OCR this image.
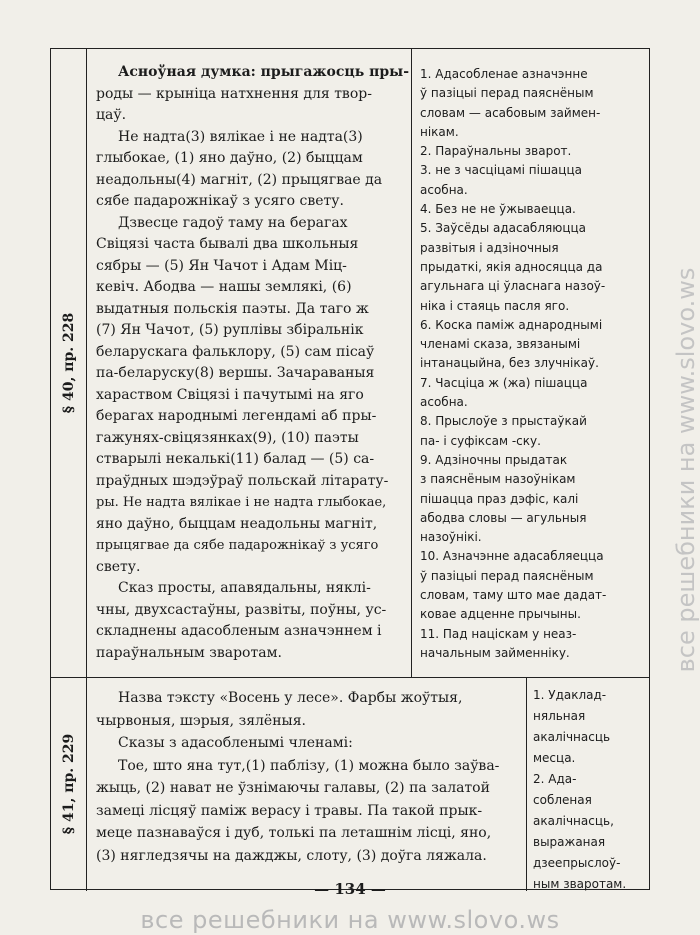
§ 40, пр. 228
Асноўная думка: прыгажосць пры-
роды — крыніца натхнення для твор-
цаў.
Не надта(3) вялікае і не надта(3)
глыбокае, (1) яно даўно, (2) быццам
неадольны(4) магніт, (2) прыцягвае да
сябе падарожнікаў з усяго свету.
Дзвесце гадоў таму на берагах
Свіцязі часта бывалі два школьныя
сябры — (5) Ян Чачот і Адам Міц-
кевіч. Абодва — нашы землякі, (6)
выдатныя польскія паэты. Да таго ж
(7) Ян Чачот, (5) руплівы збіральнік
беларускага фальклору, (5) сам пісаў
па-беларуску(8) вершы. Зачараваныя
хараством Свіцязі і пачутымі на яго
берагах народнымі легендамі аб пры-
гажунях-свіцязянках(9), (10) паэты
ствaрылі некалькі(11) балад — (5) са-
праўдных шэдэўраў польскай літарату-
ры. Не надта вялікае і не надта глыбокае,
яно даўно, быццам неадольны магніт,
прыцягвае да сябе падарожнікаў з усяго
свету.
Сказ просты, апавядальны, няклі-
чны, двухсастаўны, развіты, поўны, ус-
складнены адасобленым азначэннем і
параўнальным зваротам.
1. Адасобленае азначэнне
ў пазіцыі перад паяснёным
словам — асабовым займен-
нікам.
2. Параўнальны зварот.
3. не з часціцамі пішацца
асобна.
4. Без не не ўжываецца.
5. Заўсёды адасабляюцца
развітыя і адзіночныя
прыдаткі, якія адносяцца да
агульнага ці ўласнага назоў-
ніка і стаяць пасля яго.
6. Коска паміж аднароднымі
членамі сказа, звязанымі
інтанацыйна, без злучнікаў.
7. Часціца ж (жа) пішацца
асобна.
8. Прыслоўе з прыстаўкай
па- і суфіксам -ску.
9. Адзіночны прыдатак
з паяснёным назоўнікам
пішацца праз дэфіс, калі
абодва словы — агульныя
назоўнікі.
10. Азначэнне адасабляецца
ў пазіцыі перад паяснёным
словам, таму што мае дадат-
ковае адценне прычыны.
11. Пад націскам у неаз-
начальным займенніку.
§ 41, пр. 229
Назва тэксту «Восень у лесе». Фарбы жоўтыя,
чырвоныя, шэрыя, зялёныя.
Сказы з адасобленымі членамі:
Тое, што яна тут,(1) паблізу, (1) можна было заўва-
жыць, (2) нават не ўзнімаючы галавы, (2) па залатой
замеці лісцяў паміж верасу і травы. Па такой прык-
мецe пазнаваўся і дуб, толькі па леташнім лісці, яно,
(3) нягледзячы на дажджы, слоту, (3) доўга ляжала.
1. Удаклад-
няльная
акалічнасць
месца.
2. Ада-
собленая
акалічнасць,
выражаная
дзеепрыслоў-
ным зваротам.
— 134 —
все решебники на www.slovo.ws
все решебники на www.slovo.ws
